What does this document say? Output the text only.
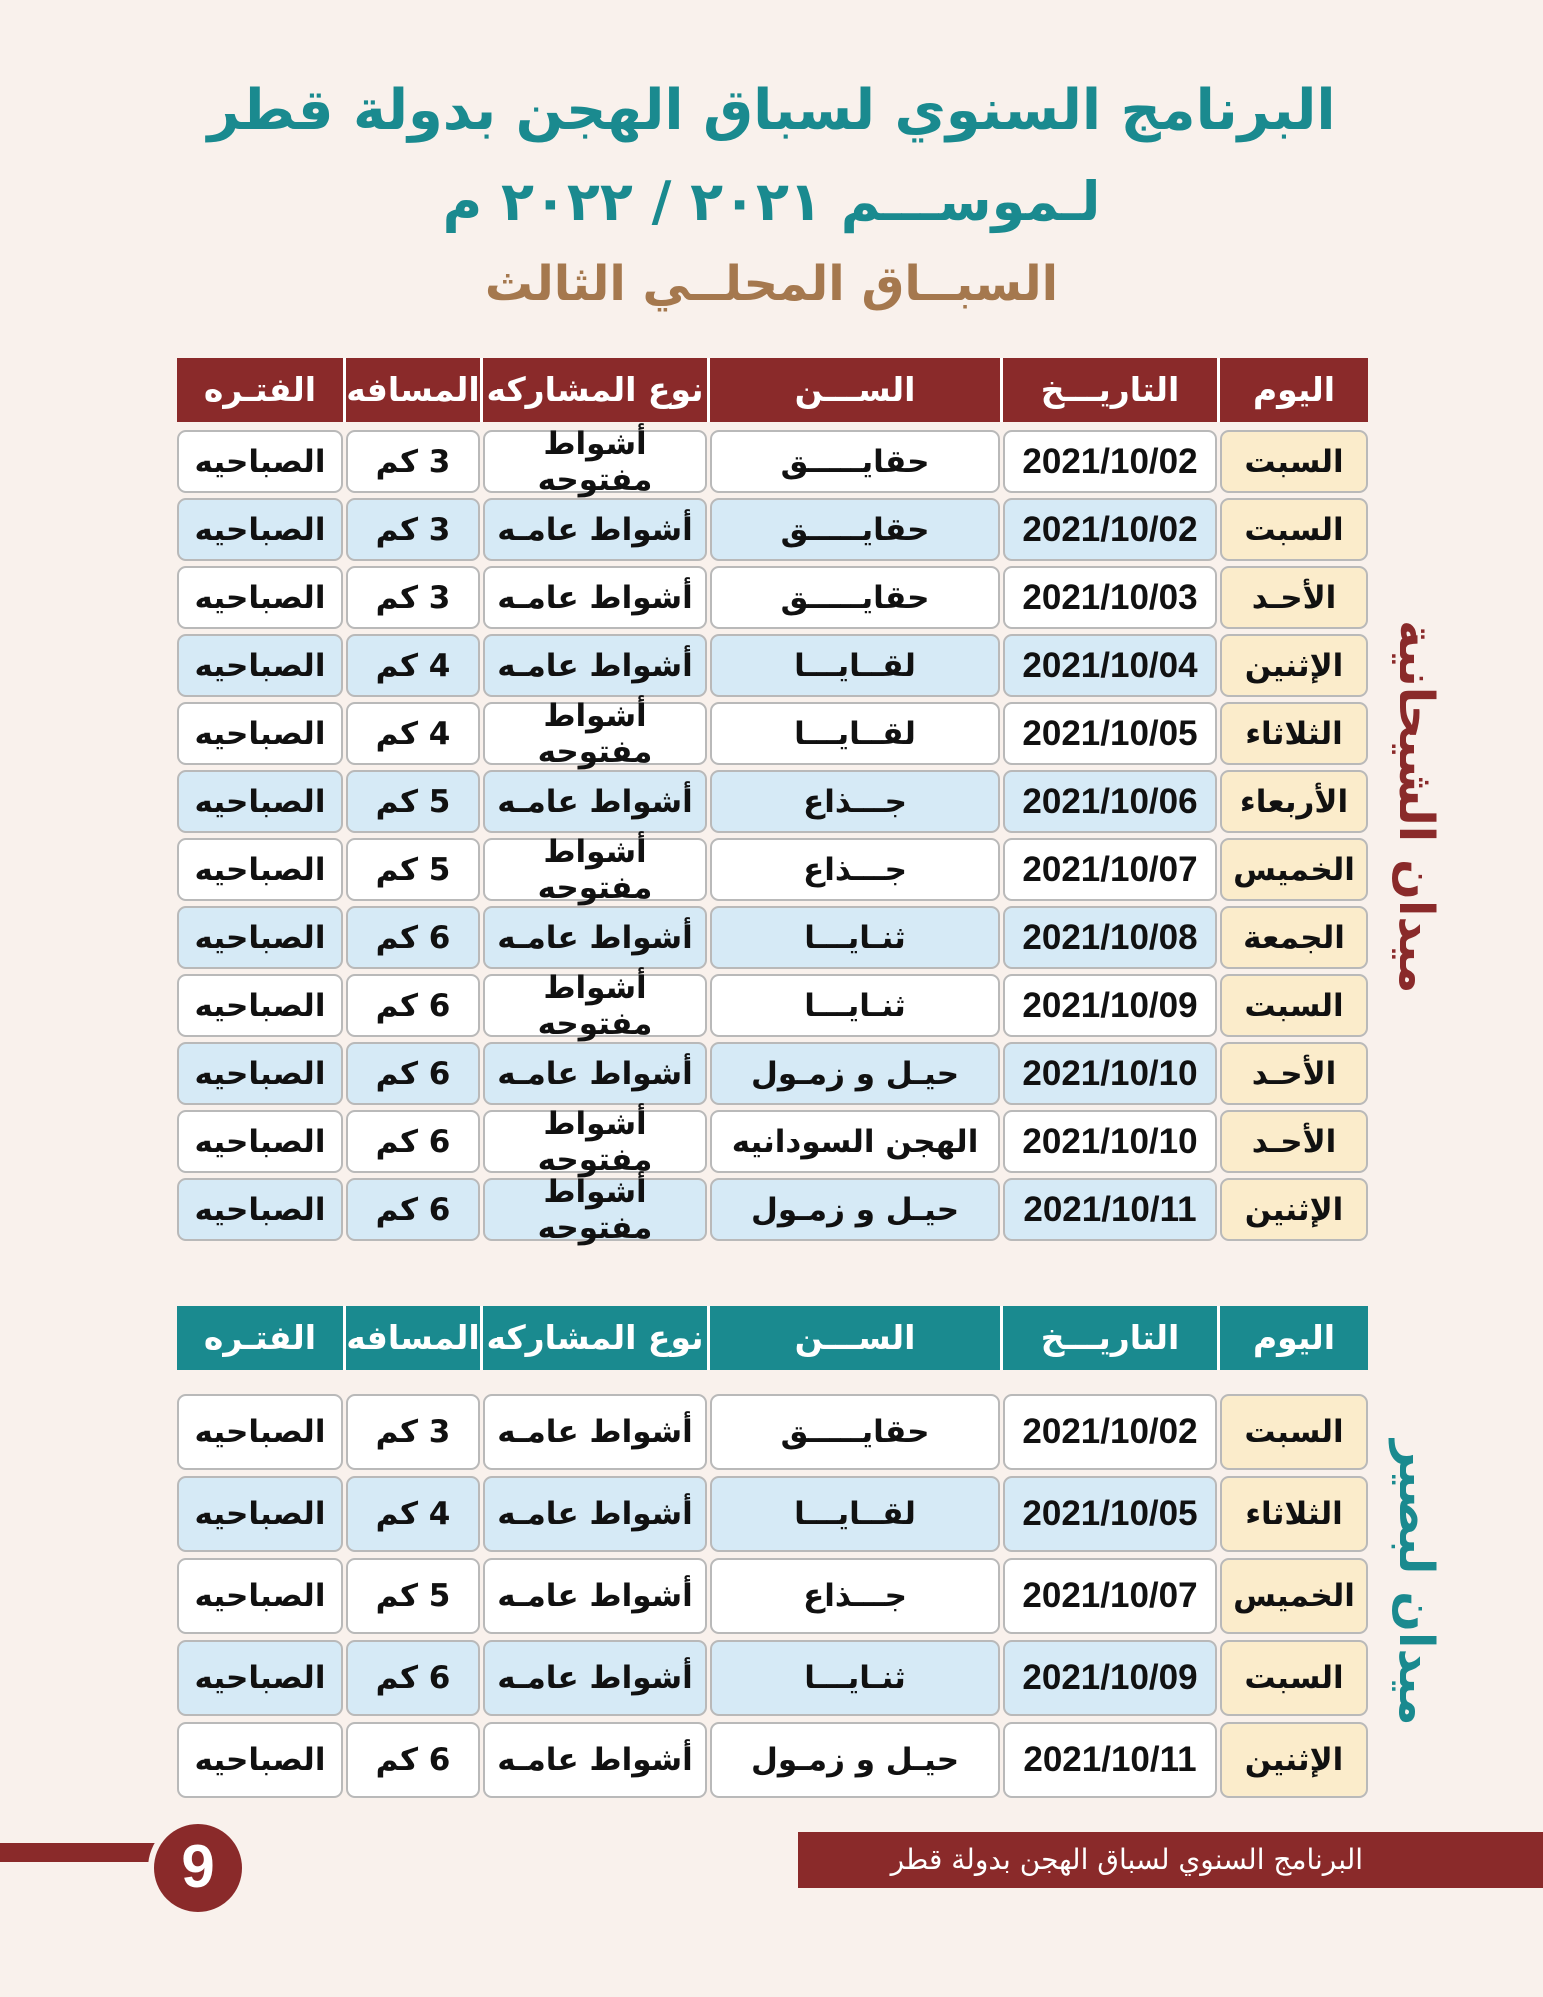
البرنامج السنوي لسباق الهجن بدولة قطر
لـموســـم ٢٠٢١ / ٢٠٢٢ م
السبــاق المحلــي الثالث
اليوم
التاريـــخ
الســـن
نوع المشاركه
المسافه
الفتـره
السبت
2021/10/02
حقايـــــق
أشواط مفتوحه
3 كم
الصباحيه
السبت
2021/10/02
حقايـــــق
أشواط عامـه
3 كم
الصباحيه
الأحـد
2021/10/03
حقايـــــق
أشواط عامـه
3 كم
الصباحيه
الإثنين
2021/10/04
لقــايـــا
أشواط عامـه
4 كم
الصباحيه
الثلاثاء
2021/10/05
لقــايـــا
أشواط مفتوحه
4 كم
الصباحيه
الأربعاء
2021/10/06
جـــذاع
أشواط عامـه
5 كم
الصباحيه
الخميس
2021/10/07
جـــذاع
أشواط مفتوحه
5 كم
الصباحيه
الجمعة
2021/10/08
ثنـايـــا
أشواط عامـه
6 كم
الصباحيه
السبت
2021/10/09
ثنـايـــا
أشواط مفتوحه
6 كم
الصباحيه
الأحـد
2021/10/10
حيـل و زمـول
أشواط عامـه
6 كم
الصباحيه
الأحـد
2021/10/10
الهجن السودانيه
أشواط مفتوحه
6 كم
الصباحيه
الإثنين
2021/10/11
حيـل و زمـول
أشواط مفتوحه
6 كم
الصباحيه
ميدان الشيحانية
اليوم
التاريـــخ
الســـن
نوع المشاركه
المسافه
الفتـره
السبت
2021/10/02
حقايـــــق
أشواط عامـه
3 كم
الصباحيه
الثلاثاء
2021/10/05
لقــايـــا
أشواط عامـه
4 كم
الصباحيه
الخميس
2021/10/07
جـــذاع
أشواط عامـه
5 كم
الصباحيه
السبت
2021/10/09
ثنـايـــا
أشواط عامـه
6 كم
الصباحيه
الإثنين
2021/10/11
حيـل و زمـول
أشواط عامـه
6 كم
الصباحيه
ميدان لبصير
البرنامج السنوي لسباق الهجن بدولة قطر
9
